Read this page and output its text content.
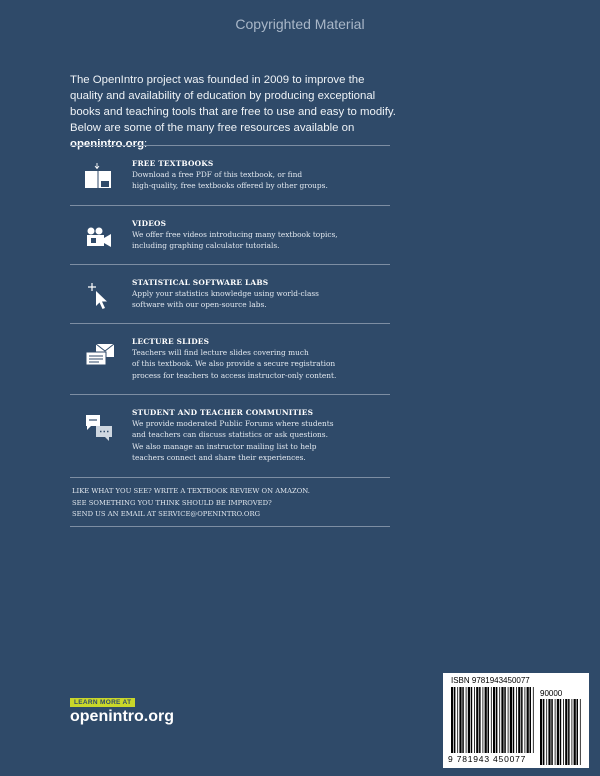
Copyrighted Material

The OpenIntro project was founded in 2009 to improve the quality and availability of education by producing exceptional books and teaching tools that are free to use and easy to modify. Below are some of the many free resources available on openintro.org:

FREE TEXTBOOKS
Download a free PDF of this textbook, or find
high-quality, free textbooks offered by other groups.
VIDEOS
We offer free videos introducing many textbook topics,
including graphing calculator tutorials.
STATISTICAL SOFTWARE LABS
Apply your statistics knowledge using world-class
software with our open-source labs.
LECTURE SLIDES
Teachers will find lecture slides covering much
of this textbook. We also provide a secure registration
process for teachers to access instructor-only content.
STUDENT AND TEACHER COMMUNITIES
We provide moderated Public Forums where students
and teachers can discuss statistics or ask questions.
We also manage an instructor mailing list to help
teachers connect and share their experiences.
LIKE WHAT YOU SEE? WRITE A TEXTBOOK REVIEW ON AMAZON.
SEE SOMETHING YOU THINK SHOULD BE IMPROVED?
SEND US AN EMAIL AT SERVICE@OPENINTRO.ORG
LEARN MORE AT
openintro.org
ISBN 9781943450077
90000
9 781943 450077
